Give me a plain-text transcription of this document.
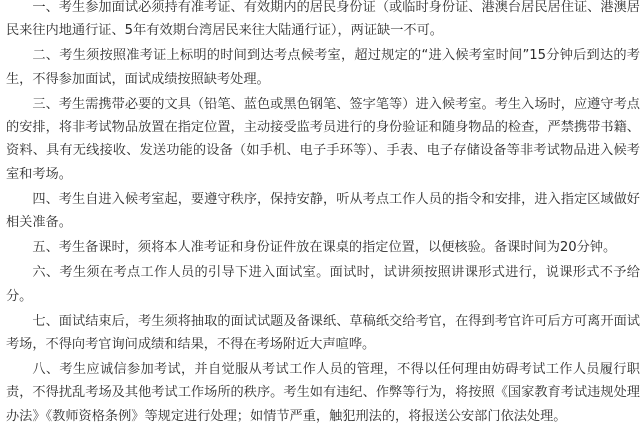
一、考生参加面试必须持有准考证、有效期内的居民身份证（或临时身份证、港澳台居民居住证、港澳居民来往内地通行证、5年有效期台湾居民来往大陆通行证），两证缺一不可。

二、考生须按照准考证上标明的时间到达考点候考室，超过规定的“进入候考室时间”15分钟后到达的考生，不得参加面试，面试成绩按照缺考处理。

三、考生需携带必要的文具（铅笔、蓝色或黑色钢笔、签字笔等）进入候考室。考生入场时，应遵守考点的安排，将非考试物品放置在指定位置，主动接受监考员进行的身份验证和随身物品的检查，严禁携带书籍、资料、具有无线接收、发送功能的设备（如手机、电子手环等）、手表、电子存储设备等非考试物品进入候考室和考场。

四、考生自进入候考室起，要遵守秩序，保持安静，听从考点工作人员的指令和安排，进入指定区域做好相关准备。

五、考生备课时，须将本人准考证和身份证件放在课桌的指定位置，以便核验。备课时间为20分钟。

六、考生须在考点工作人员的引导下进入面试室。面试时，试讲须按照讲课形式进行，说课形式不予给分。

七、面试结束后，考生须将抽取的面试试题及备课纸、草稿纸交给考官，在得到考官许可后方可离开面试考场，不得向考官询问成绩和结果，不得在考场附近大声喧哗。

八、考生应诚信参加考试，并自觉服从考试工作人员的管理，不得以任何理由妨碍考试工作人员履行职责，不得扰乱考场及其他考试工作场所的秩序。考生如有违纪、作弊等行为，将按照《国家教育考试违规处理办法》《教师资格条例》等规定进行处理；如情节严重，触犯刑法的，将报送公安部门依法处理。
